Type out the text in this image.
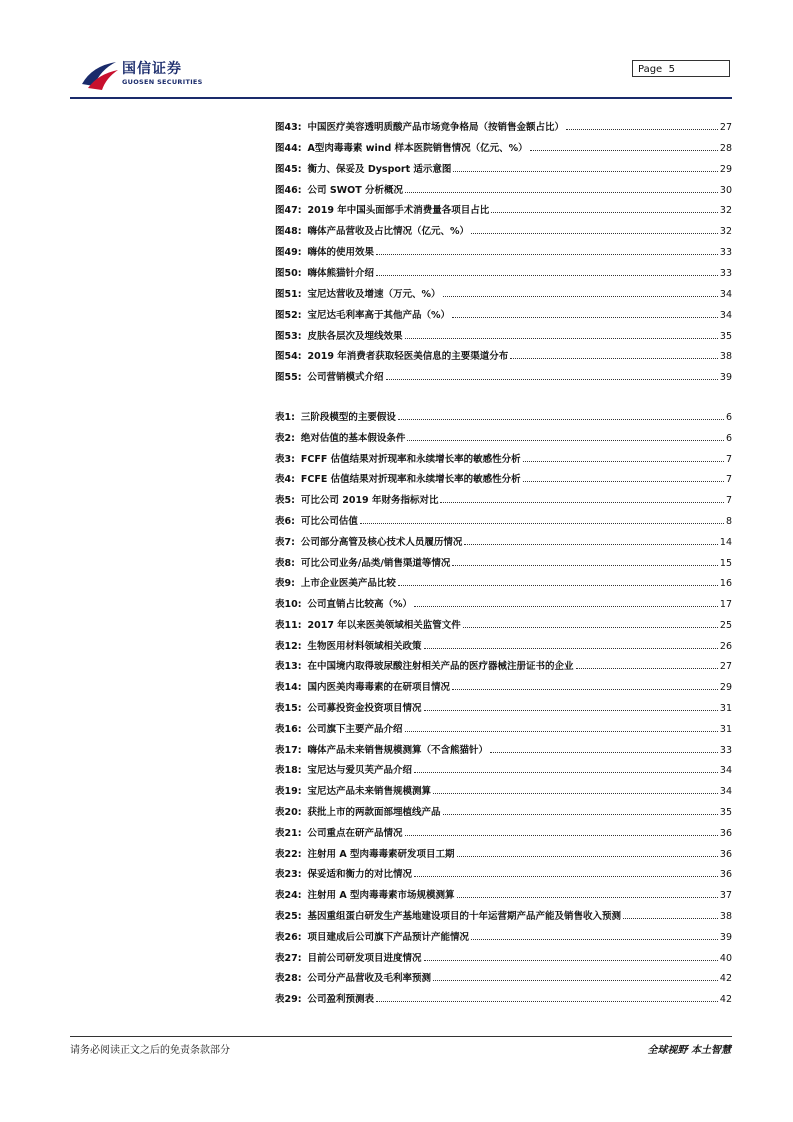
国信证券
GUOSEN SECURITIES
Page 5
图43: 中国医疗美容透明质酸产品市场竞争格局（按销售金额占比）	27
图44: A型肉毒毒素 wind 样本医院销售情况（亿元、%）	28
图45: 衡力、保妥及 Dysport 适示意图	29
图46: 公司 SWOT 分析概况	30
图47: 2019 年中国头面部手术消费量各项目占比	32
图48: 嗨体产品营收及占比情况（亿元、%）	32
图49: 嗨体的使用效果	33
图50: 嗨体熊猫针介绍	33
图51: 宝尼达营收及增速（万元、%）	34
图52: 宝尼达毛利率高于其他产品（%）	34
图53: 皮肤各层次及埋线效果	35
图54: 2019 年消费者获取轻医美信息的主要渠道分布	38
图55: 公司营销模式介绍	39
表1: 三阶段模型的主要假设	6
表2: 绝对估值的基本假设条件	6
表3: FCFF 估值结果对折现率和永续增长率的敏感性分析	7
表4: FCFE 估值结果对折现率和永续增长率的敏感性分析	7
表5: 可比公司 2019 年财务指标对比	7
表6: 可比公司估值	8
表7: 公司部分高管及核心技术人员履历情况	14
表8: 可比公司业务/品类/销售渠道等情况	15
表9: 上市企业医美产品比较	16
表10: 公司直销占比较高（%）	17
表11: 2017 年以来医美领域相关监管文件	25
表12: 生物医用材料领域相关政策	26
表13: 在中国境内取得玻尿酸注射相关产品的医疗器械注册证书的企业	27
表14: 国内医美肉毒毒素的在研项目情况	29
表15: 公司募投资金投资项目情况	31
表16: 公司旗下主要产品介绍	31
表17: 嗨体产品未来销售规模测算（不含熊猫针）	33
表18: 宝尼达与爱贝芙产品介绍	34
表19: 宝尼达产品未来销售规模测算	34
表20: 获批上市的两款面部埋植线产品	35
表21: 公司重点在研产品情况	36
表22: 注射用 A 型肉毒毒素研发项目工期	36
表23: 保妥适和衡力的对比情况	36
表24: 注射用 A 型肉毒毒素市场规模测算	37
表25: 基因重组蛋白研发生产基地建设项目的十年运营期产品产能及销售收入预测	38
表26: 项目建成后公司旗下产品预计产能情况	39
表27: 目前公司研发项目进度情况	40
表28: 公司分产品营收及毛利率预测	42
表29: 公司盈利预测表	42
请务必阅读正文之后的免责条款部分	全球视野 本土智慧
